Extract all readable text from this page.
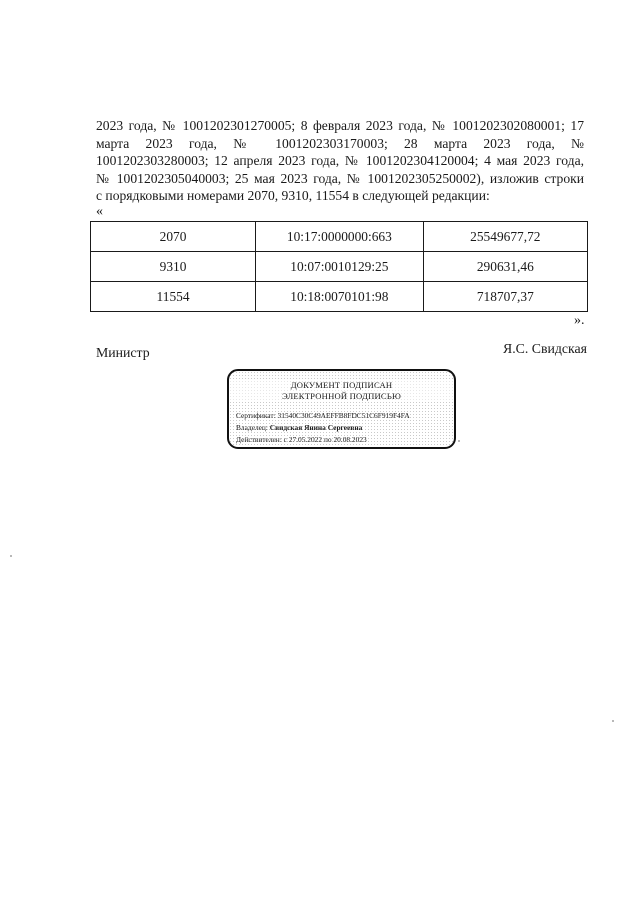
2023 года, № 1001202301270005; 8 февраля 2023 года, № 1001202302080001; 17
марта 2023 года, № 1001202303170003; 28 марта 2023 года, №
1001202303280003; 12 апреля 2023 года, № 1001202304120004; 4 мая 2023 года,
№ 1001202305040003; 25 мая 2023 года, № 1001202305250002), изложив строки
с порядковыми номерами 2070, 9310, 11554 в следующей редакции:
«
2070	10:17:0000000:663	25549677,72
9310	10:07:0010129:25	290631,46
11554	10:18:0070101:98	718707,37
».
Министр	Я.С. Свидская
ДОКУМЕНТ ПОДПИСАН
ЭЛЕКТРОННОЙ ПОДПИСЬЮ
Сертификат: 31540C30C49AEFFB8FDC51C6F919F4FA
Владелец: Свидская Янина Сергеевна
Действителен: с 27.05.2022 по 20.08.2023
